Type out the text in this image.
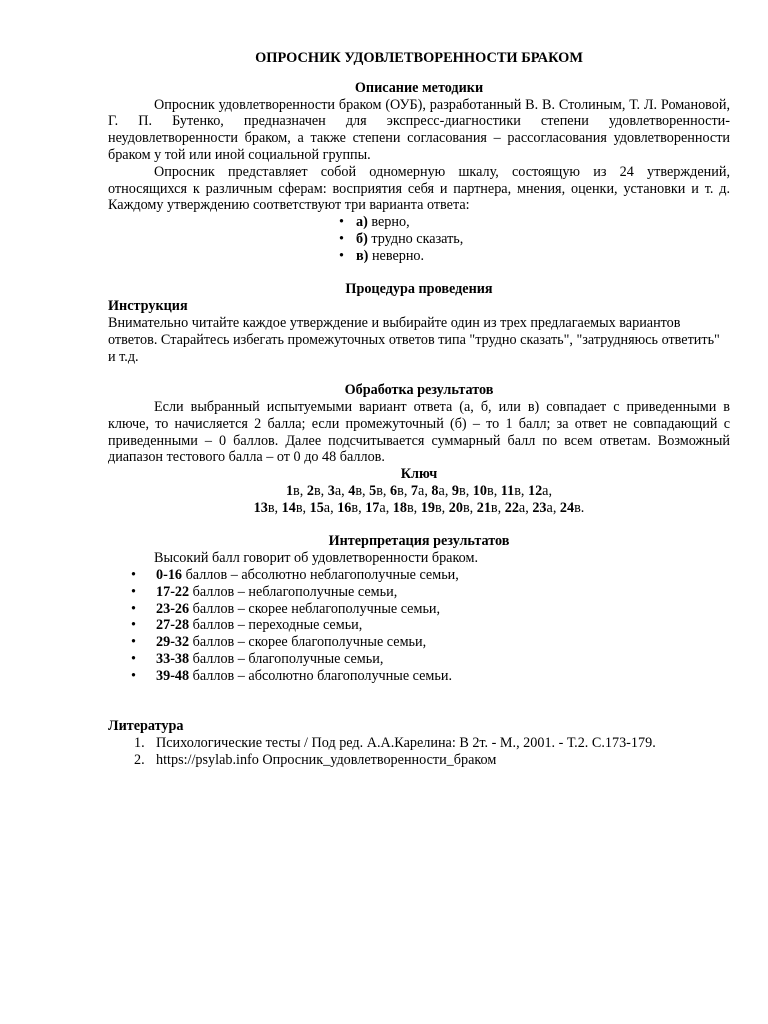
ОПРОСНИК УДОВЛЕТВОРЕННОСТИ БРАКОМ

Описание методики

Опросник удовлетворенности браком (ОУБ), разработанный В. В. Столиным, Т. Л. Романовой, Г. П. Бутенко, предназначен для экспресс-диагностики степени удовлетворенности-неудовлетворенности браком, а также степени согласования – рассогласования удовлетворенности браком у той или иной социальной группы.

Опросник представляет собой одномерную шкалу, состоящую из 24 утверждений, относящихся к различным сферам: восприятия себя и партнера, мнения, оценки, установки и т. д. Каждому утверждению соответствуют три варианта ответа:

• а) верно,
• б) трудно сказать,
• в) неверно.

Процедура проведения

Инструкция

Внимательно читайте каждое утверждение и выбирайте один из трех предлагаемых вариантов ответов. Старайтесь избегать промежуточных ответов типа "трудно сказать", "затрудняюсь ответить" и т.д.

Обработка результатов

Если выбранный испытуемыми вариант ответа (а, б, или в) совпадает с приведенными в ключе, то начисляется 2 балла; если промежуточный (б) – то 1 балл; за ответ не совпадающий с приведенными – 0 баллов. Далее подсчитывается суммарный балл по всем ответам. Возможный диапазон тестового балла – от 0 до 48 баллов.

Ключ

1в, 2в, 3а, 4в, 5в, 6в, 7а, 8а, 9в, 10в, 11в, 12а,

13в, 14в, 15а, 16в, 17а, 18в, 19в, 20в, 21в, 22а, 23а, 24в.

Интерпретация результатов

Высокий балл говорит об удовлетворенности браком.

• 0-16 баллов – абсолютно неблагополучные семьи,
• 17-22 баллов – неблагополучные семьи,
• 23-26 баллов – скорее неблагополучные семьи,
• 27-28 баллов – переходные семьи,
• 29-32 баллов – скорее благополучные семьи,
• 33-38 баллов – благополучные семьи,
• 39-48 баллов – абсолютно благополучные семьи.

Литература

1. Психологические тесты / Под ред. А.А.Карелина: В 2т. - М., 2001. - Т.2. С.173-179.
2. https://psylab.info Опросник_удовлетворенности_браком
